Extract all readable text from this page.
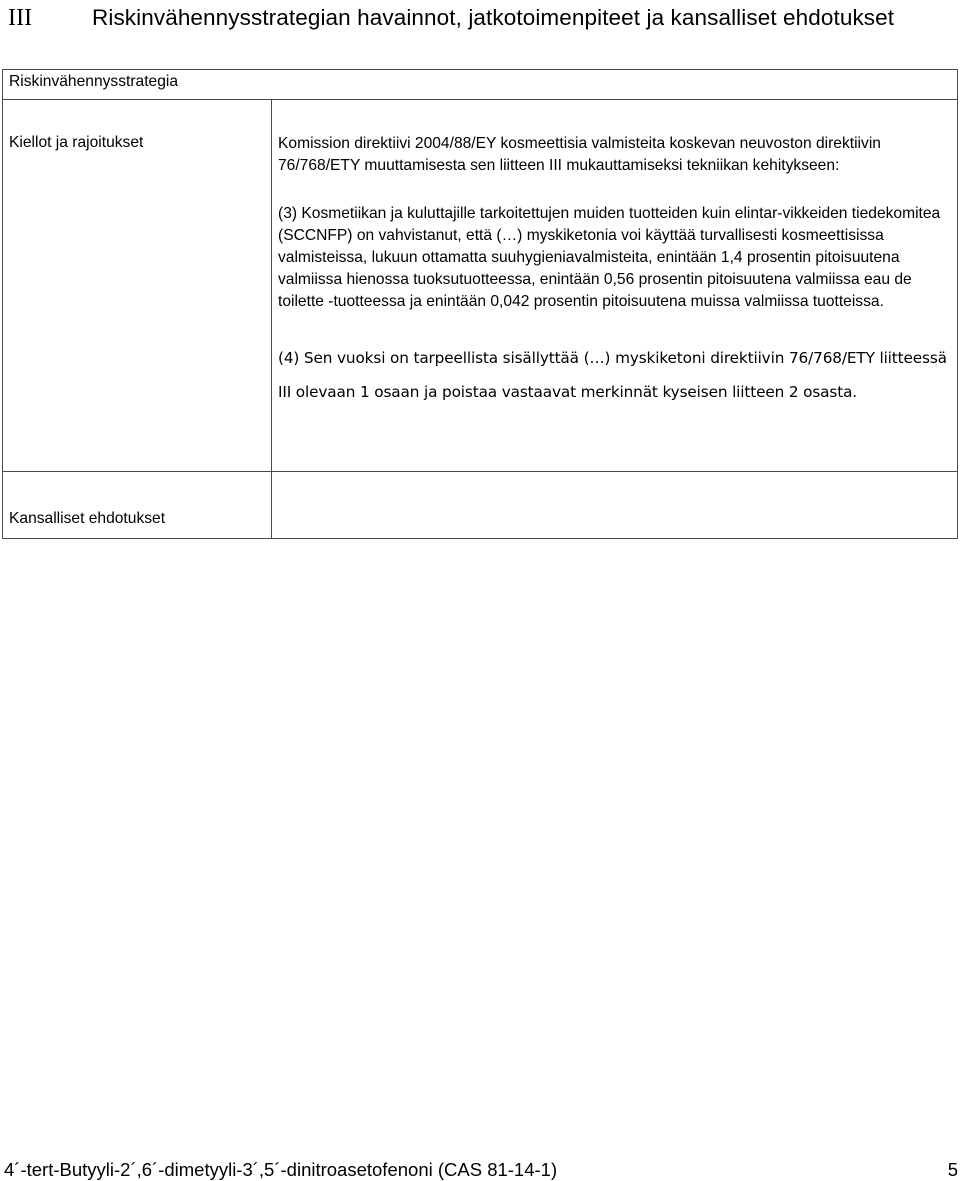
III	Riskinvähennysstrategian havainnot, jatkotoimenpiteet ja kansalliset ehdotukset
Riskinvähennysstrategia	
Kiellot ja rajoitukset	Komission direktiivi 2004/88/EY kosmeettisia valmisteita koskevan neuvoston direktiivin 76/768/ETY muuttamisesta sen liitteen III mukauttamiseksi tekniikan kehitykseen:

(3) Kosmetiikan ja kuluttajille tarkoitettujen muiden tuotteiden kuin elintar-vikkeiden tiedekomitea (SCCNFP) on vahvistanut, että (…) myskiketonia voi käyttää turvallisesti kosmeettisissa valmisteissa, lukuun ottamatta suuhygieniavalmisteita, enintään 1,4 prosentin pitoisuutena valmiissa hienossa tuoksutuotteessa, enintään 0,56 prosentin pitoisuutena valmiissa eau de toilette -tuotteessa ja enintään 0,042 prosentin pitoisuutena muissa valmiissa tuotteissa.

(4) Sen vuoksi on tarpeellista sisällyttää (…) myskiketoni direktiivin 76/768/ETY liitteessä III olevaan 1 osaan ja poistaa vastaavat merkinnät kyseisen liitteen 2 osasta.

Kansalliset ehdotukset	
4´-tert-Butyyli-2´,6´-dimetyyli-3´,5´-dinitroasetofenoni (CAS 81-14-1)	5
